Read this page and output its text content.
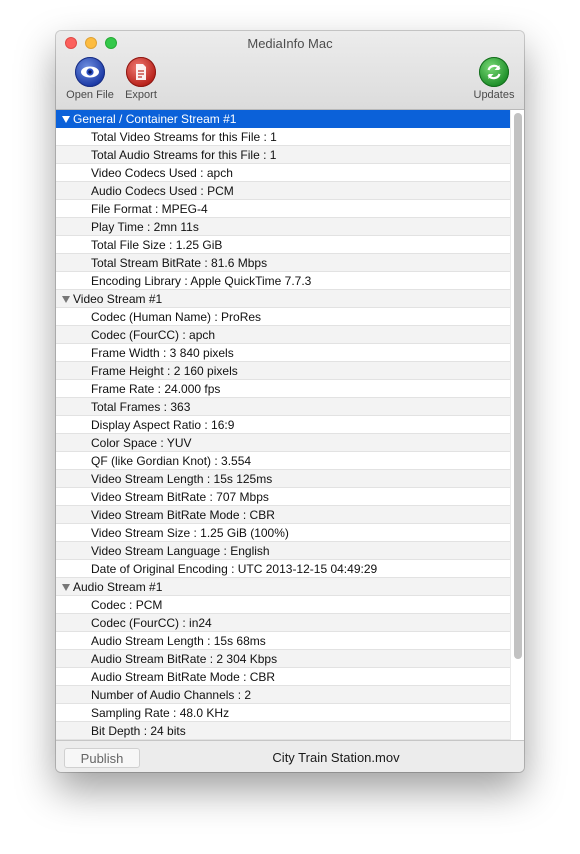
MediaInfo Mac
Open File	Export	Updates
General / Container Stream #1
Total Video Streams for this File : 1
Total Audio Streams for this File : 1
Video Codecs Used : apch
Audio Codecs Used : PCM
File Format : MPEG-4
Play Time : 2mn 11s
Total File Size : 1.25 GiB
Total Stream BitRate : 81.6 Mbps
Encoding Library : Apple QuickTime 7.7.3
Video Stream #1
Codec (Human Name) : ProRes
Codec (FourCC) : apch
Frame Width : 3 840 pixels
Frame Height : 2 160 pixels
Frame Rate : 24.000 fps
Total Frames : 363
Display Aspect Ratio : 16:9
Color Space : YUV
QF (like Gordian Knot) : 3.554
Video Stream Length : 15s 125ms
Video Stream BitRate : 707 Mbps
Video Stream BitRate Mode : CBR
Video Stream Size : 1.25 GiB (100%)
Video Stream Language : English
Date of Original Encoding : UTC 2013-12-15 04:49:29
Audio Stream #1
Codec : PCM
Codec (FourCC) : in24
Audio Stream Length : 15s 68ms
Audio Stream BitRate : 2 304 Kbps
Audio Stream BitRate Mode : CBR
Number of Audio Channels : 2
Sampling Rate : 48.0 KHz
Bit Depth : 24 bits
Publish	City Train Station.mov
